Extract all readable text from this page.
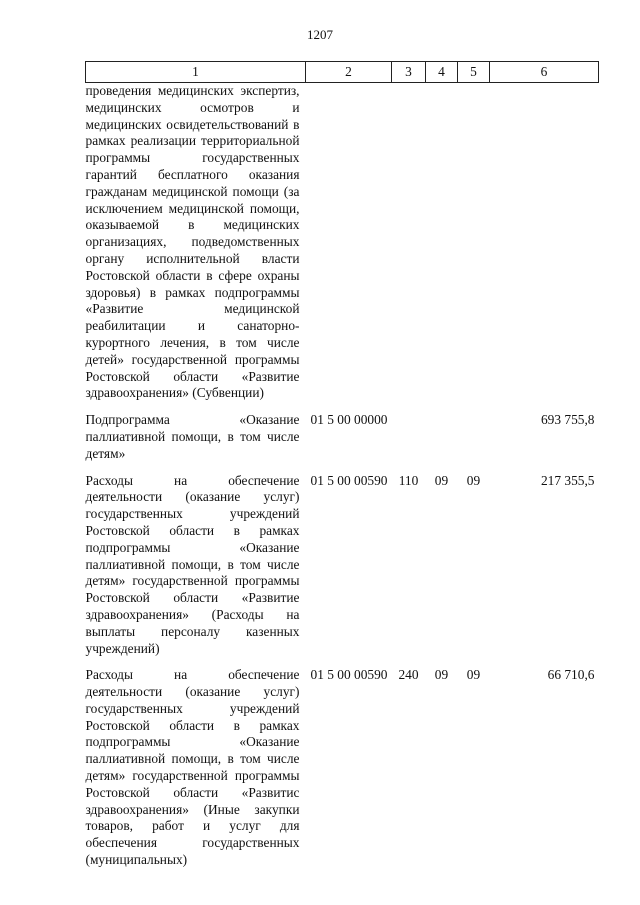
1207
1	2	3	4	5	6
проведения медицинских экспертиз, медицинских осмотров и медицинских освидетельствований в рамках реализации территориальной программы государственных гарантий бесплатного оказания гражданам медицинской помощи (за исключением медицинской помощи, оказываемой в медицинских организациях, подведомственных органу исполнительной власти Ростовской области в сфере охраны здоровья) в рамках подпрограммы «Развитие медицинской реабилитации и санаторно-курортного лечения, в том числе детей» государственной программы Ростовской области «Развитие здравоохранения» (Субвенции)					
Подпрограмма «Оказание паллиативной помощи, в том числе детям»	01 5 00 00000				693 755,8
Расходы на обеспечение деятельности (оказание услуг) государственных учреждений Ростовской области в рамках подпрограммы «Оказание паллиативной помощи, в том числе детям» государственной программы Ростовской области «Развитие здравоохранения» (Расходы на выплаты персоналу казенных учреждений)	01 5 00 00590	110	09	09	217 355,5
Расходы на обеспечение деятельности (оказание услуг) государственных учреждений Ростовской области в рамках подпрограммы «Оказание паллиативной помощи, в том числе детям» государственной программы Ростовской области «Развитис здравоохранения» (Иные закупки товаров, работ и услуг для обеспечения государственных (муниципальных)	01 5 00 00590	240	09	09	66 710,6
